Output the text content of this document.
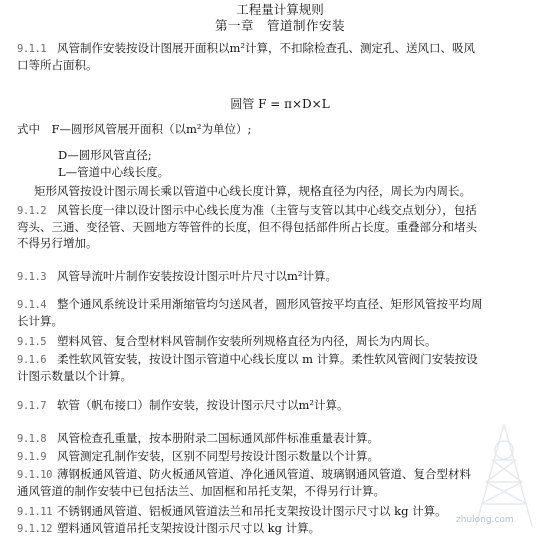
工程量计算规则
第一章　管道制作安装
9.1.1 风管制作安装按设计图展开面积以m²计算，不扣除检查孔、测定孔、送风口、吸风
口等所占面积。
圆管 F = π×D×L
式中　F—圆形风管展开面积（以m²为单位）;
D—圆形风管直径;
L—管道中心线长度。
矩形风管按设计图示周长乘以管道中心线长度计算，规格直径为内径，周长为内周长。
9.1.2 风管长度一律以设计图示中心线长度为准（主管与支管以其中心线交点划分），包括
弯头、三通、变径管、天圆地方等管件的长度，但不得包括部件所占长度。重叠部分和堵头
不得另行增加。
9.1.3 风管导流叶片制作安装按设计图示叶片尺寸以m²计算。
9.1.4 整个通风系统设计采用渐缩管均匀送风者，圆形风管按平均直径、矩形风管按平均周
长计算。
9.1.5 塑料风管、复合型材料风管制作安装所列规格直径为内径，周长为内周长。
9.1.6 柔性软风管安装，按设计图示管道中心线长度以 m 计算。柔性软风管阀门安装按设
计图示数量以个计算。
9.1.7 软管（帆布接口）制作安装，按设计图示尺寸以m²计算。
9.1.8 风管检查孔重量，按本册附录二国标通风部件标准重量表计算。
9.1.9 风管测定孔制作安装，区别不同型号按设计图示数量以个计算。
9.1.10 薄钢板通风管道、防火板通风管道、净化通风管道、玻璃钢通风管道、复合型材料
通风管道的制作安装中已包括法兰、加固框和吊托支架，不得另行计算。
9.1.11 不锈钢通风管道、铝板通风管道法兰和吊托支架按设计图示尺寸以 kg 计算。
9.1.12 塑料通风管道吊托支架按设计图示尺寸以 kg 计算。
zhulong.com
